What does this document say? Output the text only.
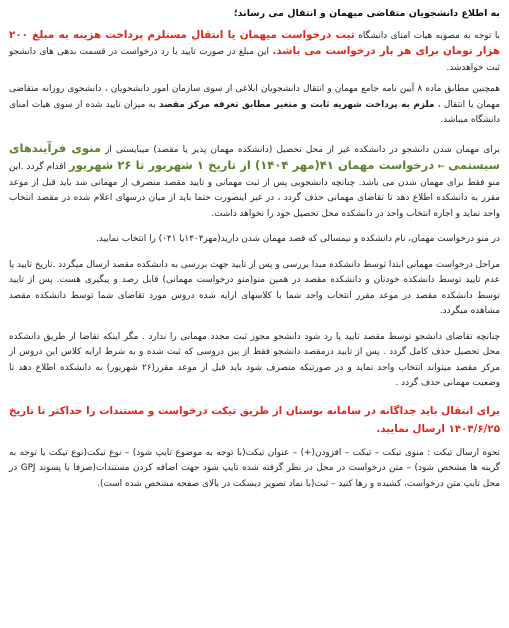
به اطلاع دانشجویان متقاضی میهمان و انتقال می رساند؛
با توجه به مصوبه هیات امنای دانشگاه ثبت درخواست میهمان یا انتقال مستلزم پرداخت هزینه به مبلغ ۲۰۰ هزار تومان برای هر بار درخواست می باشد. این مبلغ در صورت تایید یا رد درخواست در قسمت بدهی های دانشجو ثبت خواهدشد.
همچنین مطابق ماده ۸ آیین نامه جامع مهمان و انتقال دانشجویان ابلاغی از سوی سازمان امور دانشجویان ، دانشجوی روزانه متقاضی مهمان یا انتقال ، ملزم به پرداخت شهریه ثابت و متغیر مطابق تعرفه مرکز مقصد به میزان تایید شده از سوی هیات امنای دانشگاه میباشد.
برای مهمان شدن دانشجو در دانشکده غیر از محل تحصیل (دانشکده مهمان پذیر یا مقصد) میبایستی از منوی فرآیندهای سیستمی ← درخواست مهمان ۴۱(مهر ۱۴۰۴) از تاریخ ۱ شهریور تا ۲۶ شهریور اقدام گردد .این منو فقط برای مهمان شدن می باشد. چنانچه دانشجویی پس از ثبت مهمانی و تایید مقصد منصرف از مهمانی شد باید قبل از موعد مقرر به دانشکده اطلاع دهد تا تقاضای مهمانی حذف گردد ، در غیر اینصورت حتما باید از میان درسهای اعلام شده در مقصد انتخاب واحد نماید و اجازه انتخاب واحد در دانشکده محل تحصیل خود را نخواهد داشت.
در منو درخواست مهمان، نام دانشکده و نیمسالی که قصد مهمان شدن دارید(مهر۱۴۰۴یا ۰۴۱) را انتخاب نمایید.
مراحل درخواست مهمانی ابتدا توسط دانشکده مبدا بررسی و پس از تایید جهت بررسی به دانشکده مقصد ارسال میگردد .تاریخ تایید یا عدم تایید توسط دانشکده خودتان و دانشکده مقصد در همین منو(منو درخواست مهمانی) قابل رصد و پیگیری هست. پس از تایید توسط دانشکده مقصد در موعد مقرر انتخاب واحد شما با کلاسهای ارایه شده دروس مورد تقاضای شما توسط دانشکده مقصد مشاهده میگردد.
چنانچه تقاضای دانشجو توسط مقصد تایید یا رد شود دانشجو مجوز ثبت مجدد مهمانی را ندارد . مگر اینکه تقاضا از طریق دانشکده محل تحصیل حذف کامل گردد . پس از تایید درمقصد دانشجو فقط از بین دروسی که ثبت شده و به شرط ارایه کلاس این دروس از مرکز مقصد میتواند انتخاب واحد نماید و در صورتیکه منصرف شود باید قبل از موعد مقرر(۲۶ شهریور) به دانشکده اطلاع دهد تا وضعیت مهمانی حذف گردد .
برای انتقال باید جداگانه در سامانه بوستان از طریق تیکت درخواست و مستندات را حداکثر تا تاریخ ۱۴۰۴/۶/۲۵ ارسال نمایید.
نحوه ارسال تیکت : منوی تیکت – تیکت – افزودن(+) – عنوان تیکت(با توجه به موضوع تایپ شود) – نوع تیکت(نوع تیکت یا توجه به گزینه ها مشخص شود) – متن درخواست در محل در نظر گرفته شده تایپ شود جهت اضافه کردن مستندات(صرفا با پسوند GPJ در محل تایپ متن درخواست، کشیده و رها کنید – ثبت(با نماد تصویر دیسکت در بالای صفحه مشخص شده است).
